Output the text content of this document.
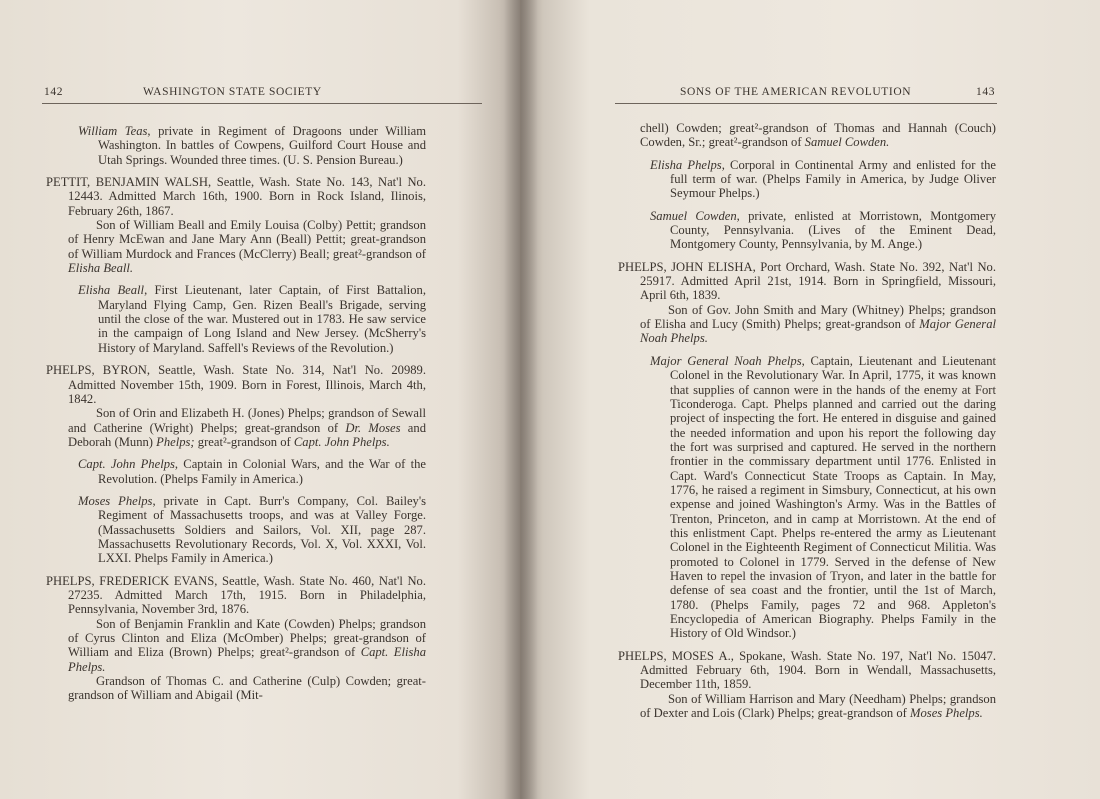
142	WASHINGTON STATE SOCIETY
William Teas, private in Regiment of Dragoons under William Washington. In battles of Cowpens, Guilford Court House and Utah Springs. Wounded three times. (U. S. Pension Bureau.)
PETTIT, BENJAMIN WALSH, Seattle, Wash. State No. 143, Nat'l No. 12443. Admitted March 16th, 1900. Born in Rock Island, Ilinois, February 26th, 1867.
Son of William Beall and Emily Louisa (Colby) Pettit; grandson of Henry McEwan and Jane Mary Ann (Beall) Pettit; great-grandson of William Murdock and Frances (McClerry) Beall; great²-grandson of Elisha Beall.
Elisha Beall, First Lieutenant, later Captain, of First Battalion, Maryland Flying Camp, Gen. Rizen Beall's Brigade, serving until the close of the war. Mustered out in 1783. He saw service in the campaign of Long Island and New Jersey. (McSherry's History of Maryland. Saffell's Reviews of the Revolution.)
PHELPS, BYRON, Seattle, Wash. State No. 314, Nat'l No. 20989. Admitted November 15th, 1909. Born in Forest, Illinois, March 4th, 1842.
Son of Orin and Elizabeth H. (Jones) Phelps; grandson of Sewall and Catherine (Wright) Phelps; great-grandson of Dr. Moses and Deborah (Munn) Phelps; great²-grandson of Capt. John Phelps.
Capt. John Phelps, Captain in Colonial Wars, and the War of the Revolution. (Phelps Family in America.)
Moses Phelps, private in Capt. Burr's Company, Col. Bailey's Regiment of Massachusetts troops, and was at Valley Forge. (Massachusetts Soldiers and Sailors, Vol. XII, page 287. Massachusetts Revolutionary Records, Vol. X, Vol. XXXI, Vol. LXXI. Phelps Family in America.)
PHELPS, FREDERICK EVANS, Seattle, Wash. State No. 460, Nat'l No. 27235. Admitted March 17th, 1915. Born in Philadelphia, Pennsylvania, November 3rd, 1876.
Son of Benjamin Franklin and Kate (Cowden) Phelps; grandson of Cyrus Clinton and Eliza (McOmber) Phelps; great-grandson of William and Eliza (Brown) Phelps; great²-grandson of Capt. Elisha Phelps.
Grandson of Thomas C. and Catherine (Culp) Cowden; great-grandson of William and Abigail (Mit-
SONS OF THE AMERICAN REVOLUTION	143
chell) Cowden; great²-grandson of Thomas and Hannah (Couch) Cowden, Sr.; great²-grandson of Samuel Cowden.
Elisha Phelps, Corporal in Continental Army and enlisted for the full term of war. (Phelps Family in America, by Judge Oliver Seymour Phelps.)
Samuel Cowden, private, enlisted at Morristown, Montgomery County, Pennsylvania. (Lives of the Eminent Dead, Montgomery County, Pennsylvania, by M. Ange.)
PHELPS, JOHN ELISHA, Port Orchard, Wash. State No. 392, Nat'l No. 25917. Admitted April 21st, 1914. Born in Springfield, Missouri, April 6th, 1839.
Son of Gov. John Smith and Mary (Whitney) Phelps; grandson of Elisha and Lucy (Smith) Phelps; great-grandson of Major General Noah Phelps.
Major General Noah Phelps, Captain, Lieutenant and Lieutenant Colonel in the Revolutionary War. In April, 1775, it was known that supplies of cannon were in the hands of the enemy at Fort Ticonderoga. Capt. Phelps planned and carried out the daring project of inspecting the fort. He entered in disguise and gained the needed information and upon his report the following day the fort was surprised and captured. He served in the northern frontier in the commissary department until 1776. Enlisted in Capt. Ward's Connecticut State Troops as Captain. In May, 1776, he raised a regiment in Simsbury, Connecticut, at his own expense and joined Washington's Army. Was in the Battles of Trenton, Princeton, and in camp at Morristown. At the end of this enlistment Capt. Phelps re-entered the army as Lieutenant Colonel in the Eighteenth Regiment of Connecticut Militia. Was promoted to Colonel in 1779. Served in the defense of New Haven to repel the invasion of Tryon, and later in the battle for defense of sea coast and the frontier, until the 1st of March, 1780. (Phelps Family, pages 72 and 968. Appleton's Encyclopedia of American Biography. Phelps Family in the History of Old Windsor.)
PHELPS, MOSES A., Spokane, Wash. State No. 197, Nat'l No. 15047. Admitted February 6th, 1904. Born in Wendall, Massachusetts, December 11th, 1859.
Son of William Harrison and Mary (Needham) Phelps; grandson of Dexter and Lois (Clark) Phelps; great-grandson of Moses Phelps.
